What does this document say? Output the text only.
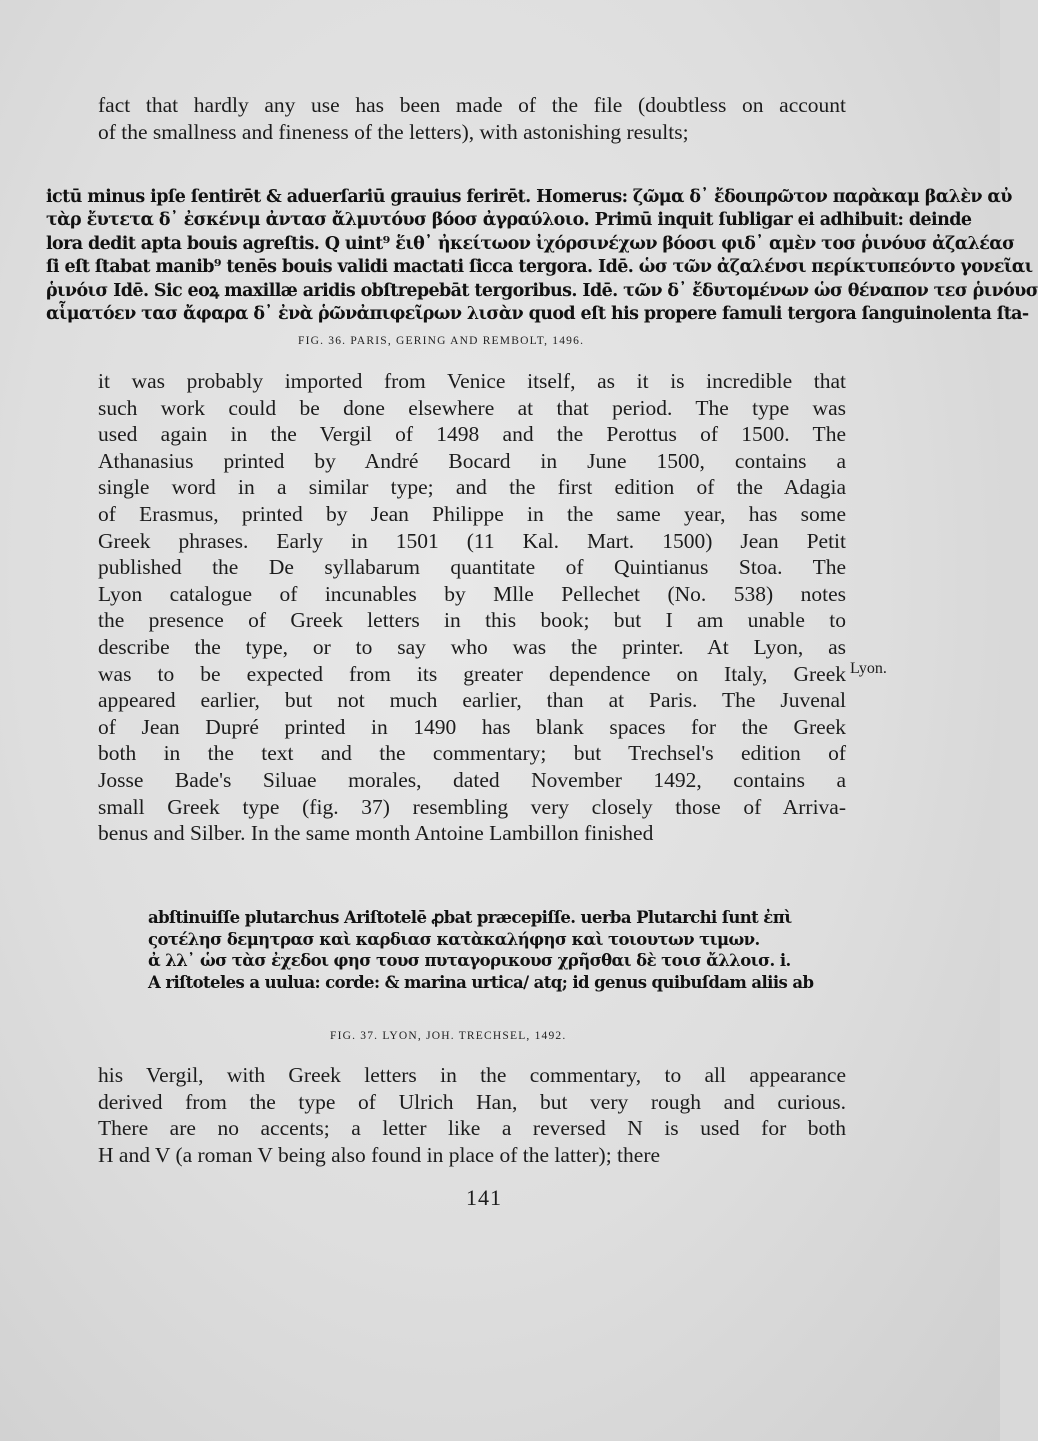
fact that hardly any use has been made of the file (doubtless on account
of the smallness and fineness of the letters), with astonishing results;
ictū minus ipſe ſentirēt & aduerſariū grauius ferirēt. Homerus: ζῶμα δ᾽ ἔδοιπρῶτον παρὰκαμ βαλὲν αὐ
τὰρ ἔυτετα δ᾽ ἐσκένιμ ἀντασ ἄλμυτόυσ βόοσ ἀγραύλοιο. Primū inquit ſubligar ei adhibuit: deinde
lora dedit apta bouis agreſtis. Q uint⁹ ἕιθ᾽ ἠκείτωον ἰχόρσινέχων βόοσι φιδ᾽ αμὲν τοσ ῥινόυσ ἀζαλέασ
ſi eſt ſtabat manib⁹ tenēs bouis validi mactati ſicca tergora. Idē. ὡσ τῶν ἀζαλένσι περίκτυπεόντο γονεῖαι
ῥινόισ Idē. Sic eoꝝ maxillæ aridis obſtrepebāt tergoribus. Idē. τῶν δ᾽ ἔδυτομένων ὡσ θέναπον τεσ ῥινόυσ
αἷματόεν τασ ἄφαρα δ᾽ ἐνὰ ῥῶνἀπιφεῖρων λισὰν quod eſt his propere famuli tergora ſanguinolenta ſta-
FIG. 36. PARIS, GERING AND REMBOLT, 1496.
it was probably imported from Venice itself, as it is incredible that
such work could be done elsewhere at that period. The type was
used again in the Vergil of 1498 and the Perottus of 1500. The
Athanasius printed by André Bocard in June 1500, contains a
single word in a similar type; and the first edition of the Adagia
of Erasmus, printed by Jean Philippe in the same year, has some
Greek phrases. Early in 1501 (11 Kal. Mart. 1500) Jean Petit
published the De syllabarum quantitate of Quintianus Stoa. The
Lyon catalogue of incunables by Mlle Pellechet (No. 538) notes
the presence of Greek letters in this book; but I am unable to
describe the type, or to say who was the printer. At Lyon, as
was to be expected from its greater dependence on Italy, Greek
appeared earlier, but not much earlier, than at Paris. The Juvenal
of Jean Dupré printed in 1490 has blank spaces for the Greek
both in the text and the commentary; but Trechsel's edition of
Josse Bade's Siluae morales, dated November 1492, contains a
small Greek type (fig. 37) resembling very closely those of Arriva-
benus and Silber. In the same month Antoine Lambillon finished
Lyon.
abſtinuiſſe plutarchus Ariſtotelē ꝓbat præcepiſſe. uerba Plutarchi ſunt ἐπὶ
ςοτέλησ δεμητρασ καὶ καρδιασ κατὰκαλήφησ καὶ τοιουτων τιμων.
ἀ λλ᾽ ὡσ τὰσ ἐχεδοι φησ τουσ πυταγορικουσ χρῆσθαι δὲ τοισ ἄλλοισ. i.
A riſtoteles a uulua: corde: & marina urtica/ atq; id genus quibuſdam aliis ab
FIG. 37. LYON, JOH. TRECHSEL, 1492.
his Vergil, with Greek letters in the commentary, to all appearance
derived from the type of Ulrich Han, but very rough and curious.
There are no accents; a letter like a reversed N is used for both
H and V (a roman V being also found in place of the latter); there
141
